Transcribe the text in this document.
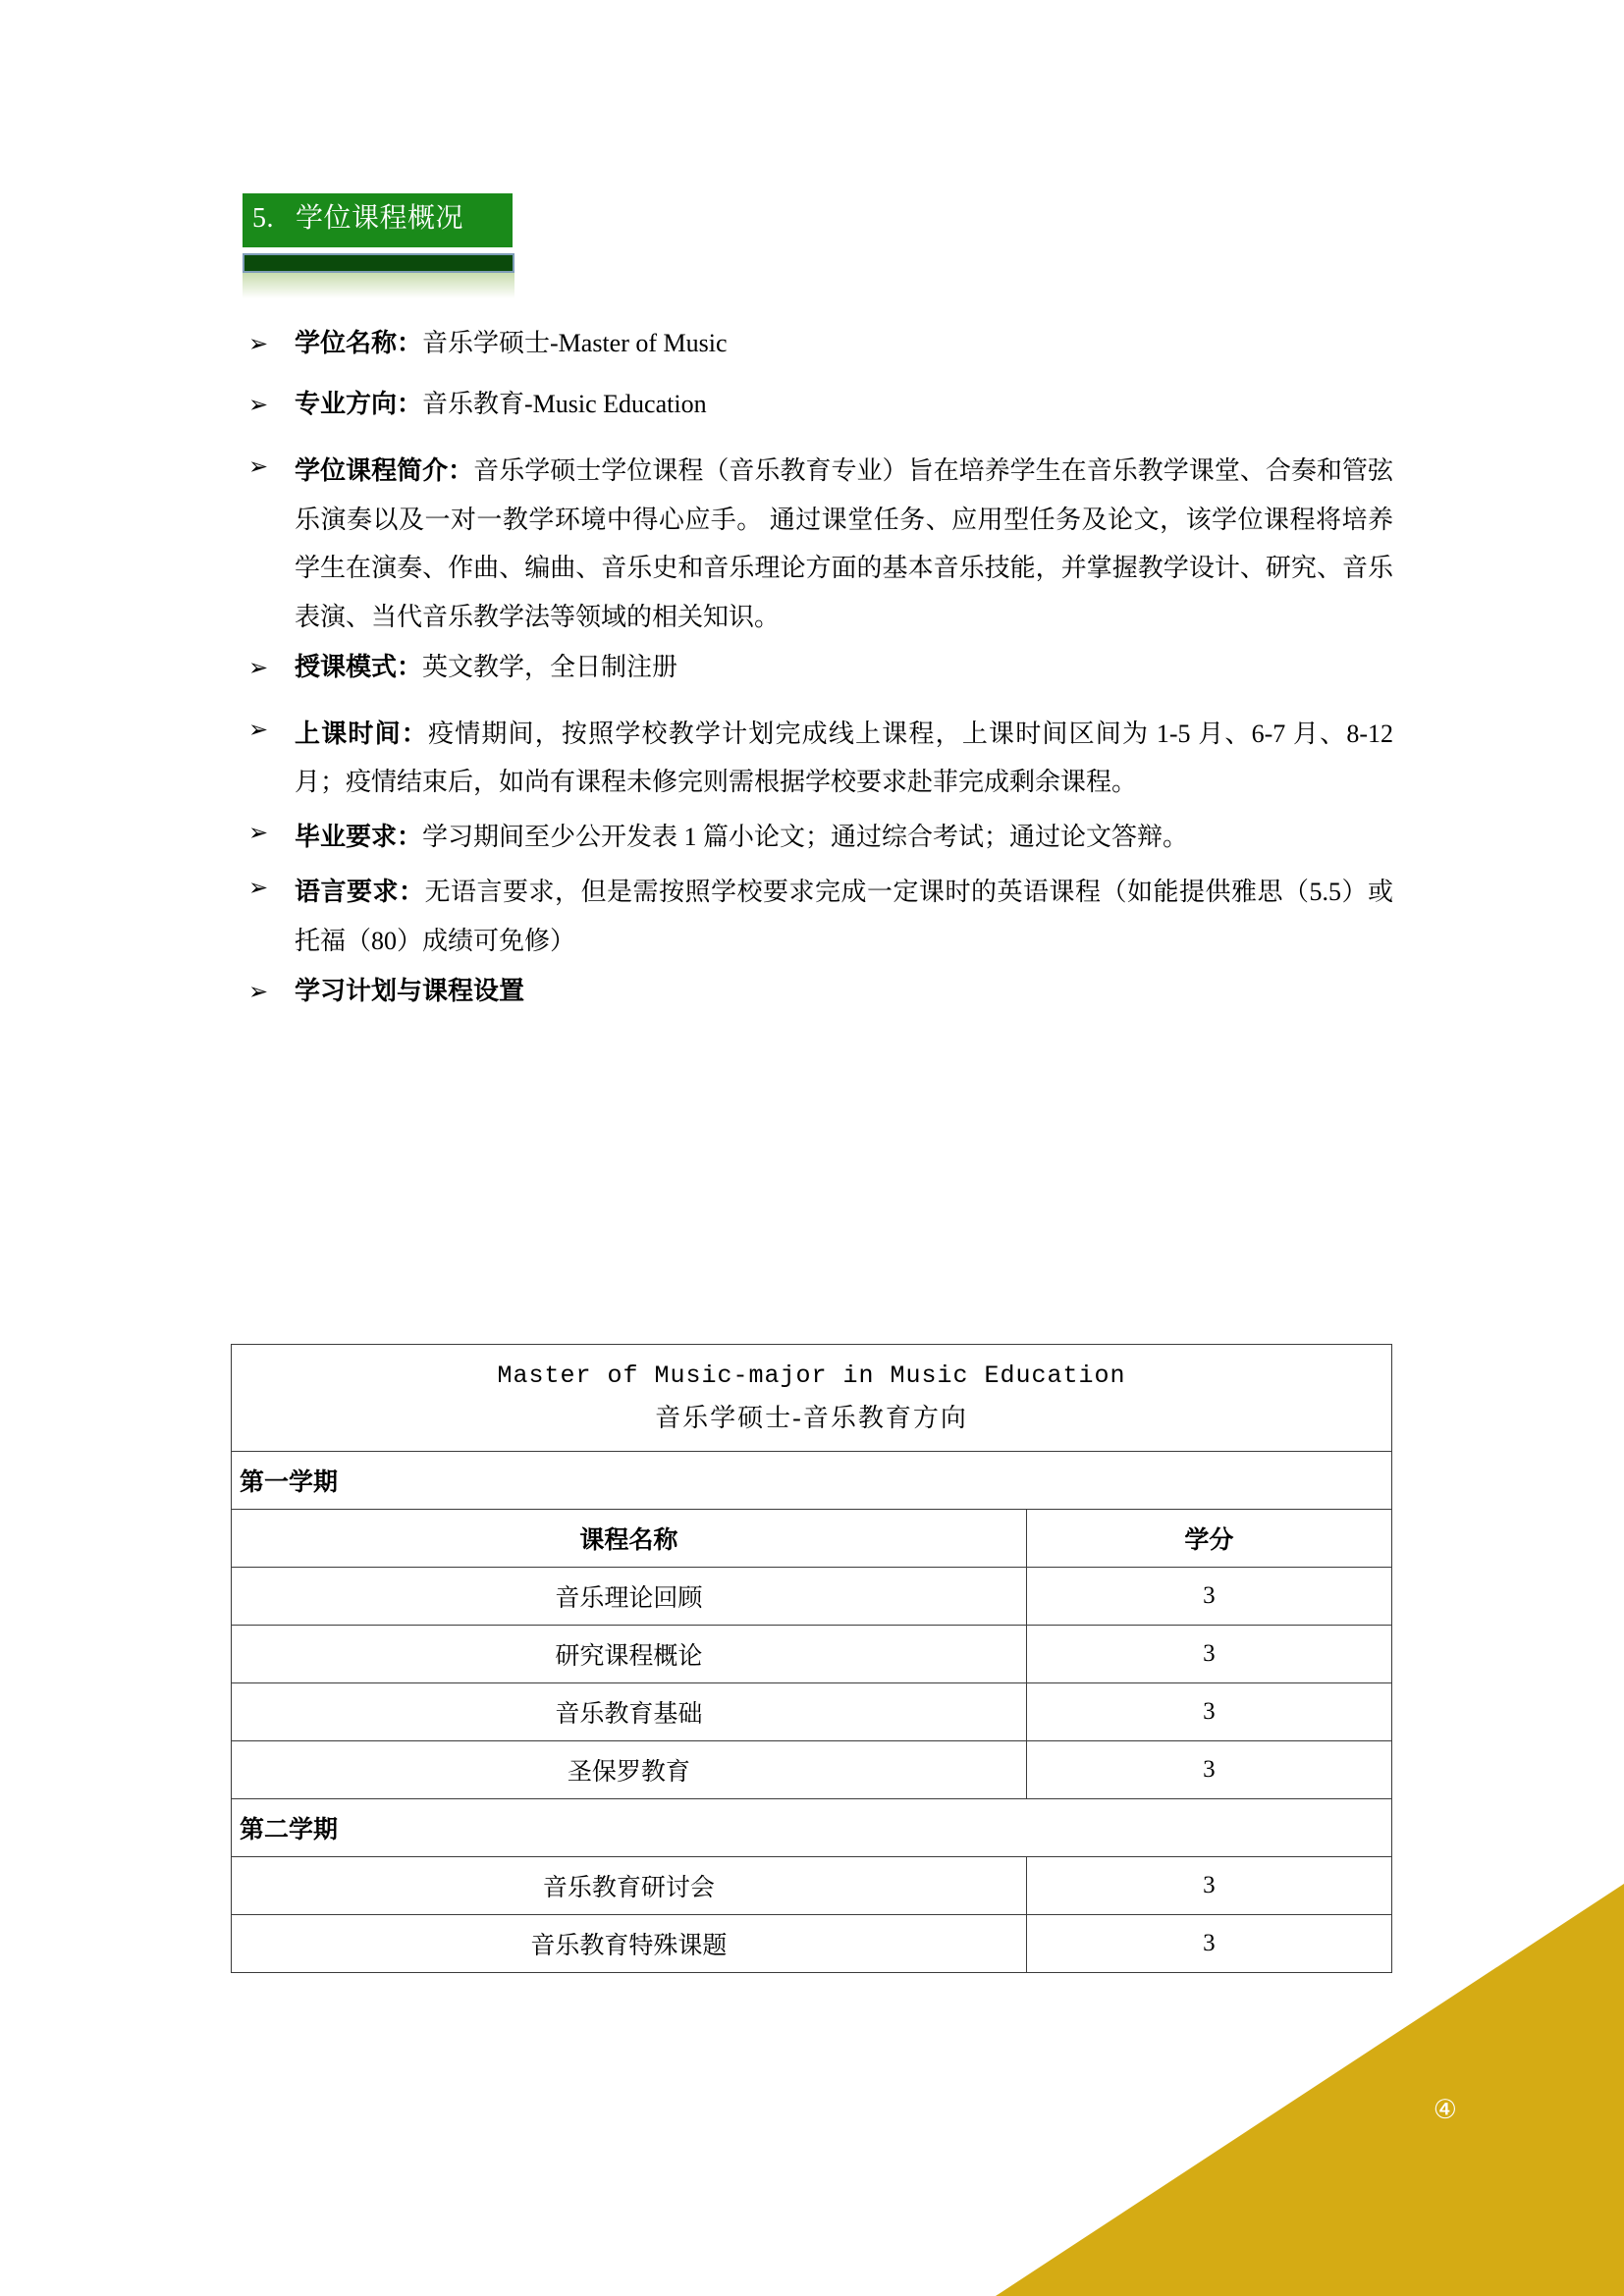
5. 学位课程概况
➢	学位名称：音乐学硕士-Master of Music
➢	专业方向：音乐教育-Music Education
➢	学位课程简介：音乐学硕士学位课程（音乐教育专业）旨在培养学生在音乐教学课堂、合奏和管弦乐演奏以及一对一教学环境中得心应手。 通过课堂任务、应用型任务及论文，该学位课程将培养学生在演奏、作曲、编曲、音乐史和音乐理论方面的基本音乐技能，并掌握教学设计、研究、音乐表演、当代音乐教学法等领域的相关知识。
➢	授课模式：英文教学，全日制注册
➢	上课时间：疫情期间，按照学校教学计划完成线上课程，上课时间区间为 1-5 月、6-7 月、8-12 月；疫情结束后，如尚有课程未修完则需根据学校要求赴菲完成剩余课程。
➢	毕业要求：学习期间至少公开发表 1 篇小论文；通过综合考试；通过论文答辩。
➢	语言要求：无语言要求，但是需按照学校要求完成一定课时的英语课程（如能提供雅思（5.5）或托福（80）成绩可免修）
➢	学习计划与课程设置
Master of Music-major in Music Education
音乐学硕士-音乐教育方向	

第一学期	
课程名称	学分
音乐理论回顾	3
研究课程概论	3
音乐教育基础	3
圣保罗教育	3
第二学期	
音乐教育研讨会	3
音乐教育特殊课题	3
④
